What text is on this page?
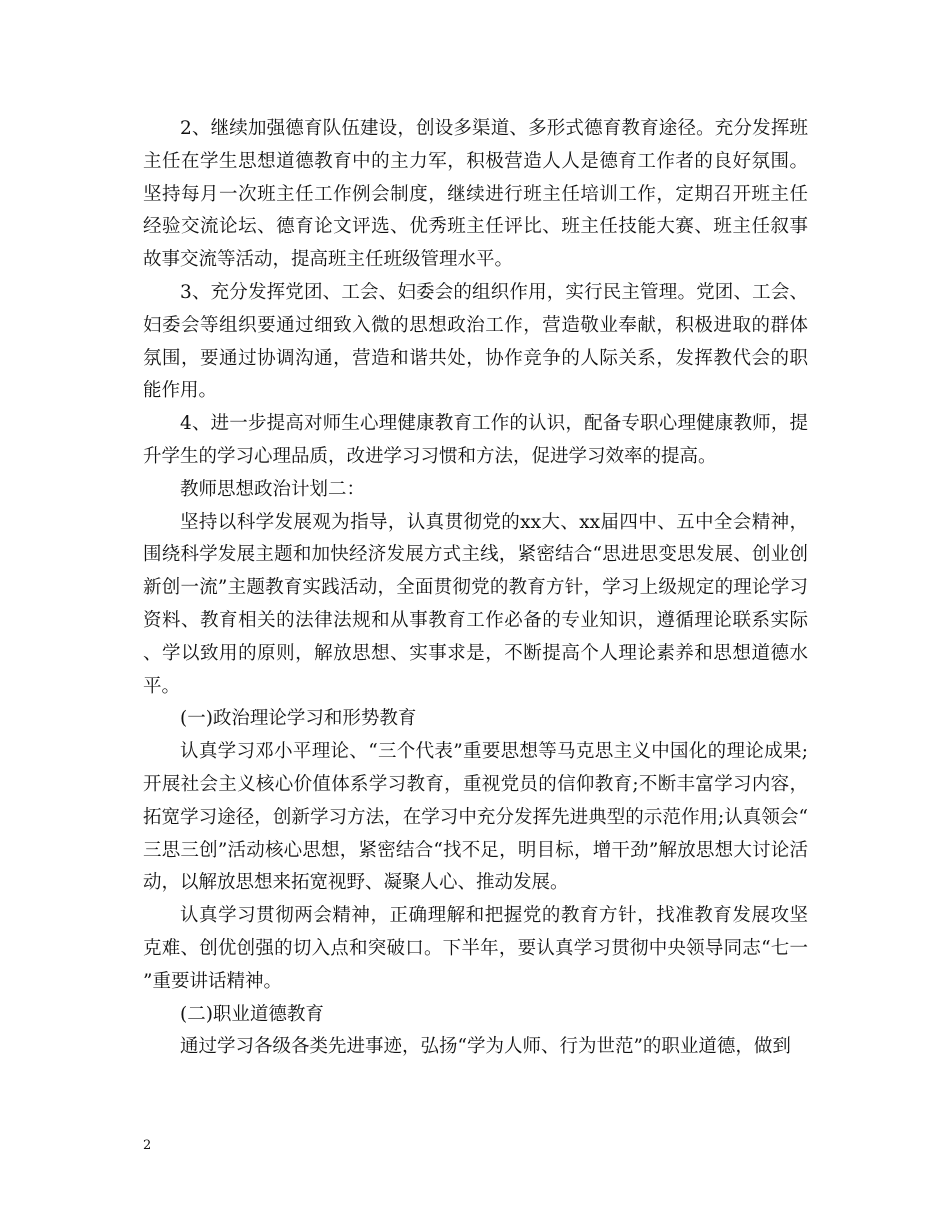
2、继续加强德育队伍建设，创设多渠道、多形式德育教育途径。充分发挥班主任在学生思想道德教育中的主力军，积极营造人人是德育工作者的良好氛围。坚持每月一次班主任工作例会制度，继续进行班主任培训工作，定期召开班主任经验交流论坛、德育论文评选、优秀班主任评比、班主任技能大赛、班主任叙事故事交流等活动，提高班主任班级管理水平。

3、充分发挥党团、工会、妇委会的组织作用，实行民主管理。党团、工会、妇委会等组织要通过细致入微的思想政治工作，营造敬业奉献，积极进取的群体氛围，要通过协调沟通，营造和谐共处，协作竞争的人际关系，发挥教代会的职能作用。

4、进一步提高对师生心理健康教育工作的认识，配备专职心理健康教师，提升学生的学习心理品质，改进学习习惯和方法，促进学习效率的提高。

教师思想政治计划二：

坚持以科学发展观为指导，认真贯彻党的xx大、xx届四中、五中全会精神，围绕科学发展主题和加快经济发展方式主线，紧密结合“思进思变思发展、创业创新创一流”主题教育实践活动，全面贯彻党的教育方针，学习上级规定的理论学习资料、教育相关的法律法规和从事教育工作必备的专业知识，遵循理论联系实际、学以致用的原则，解放思想、实事求是，不断提高个人理论素养和思想道德水平。

(一)政治理论学习和形势教育

认真学习邓小平理论、“三个代表”重要思想等马克思主义中国化的理论成果;开展社会主义核心价值体系学习教育，重视党员的信仰教育;不断丰富学习内容，拓宽学习途径，创新学习方法，在学习中充分发挥先进典型的示范作用;认真领会“三思三创”活动核心思想，紧密结合“找不足，明目标，增干劲”解放思想大讨论活动，以解放思想来拓宽视野、凝聚人心、推动发展。

认真学习贯彻两会精神，正确理解和把握党的教育方针，找准教育发展攻坚克难、创优创强的切入点和突破口。下半年，要认真学习贯彻中央领导同志“七一”重要讲话精神。

(二)职业道德教育

通过学习各级各类先进事迹，弘扬“学为人师、行为世范”的职业道德，做到

2
